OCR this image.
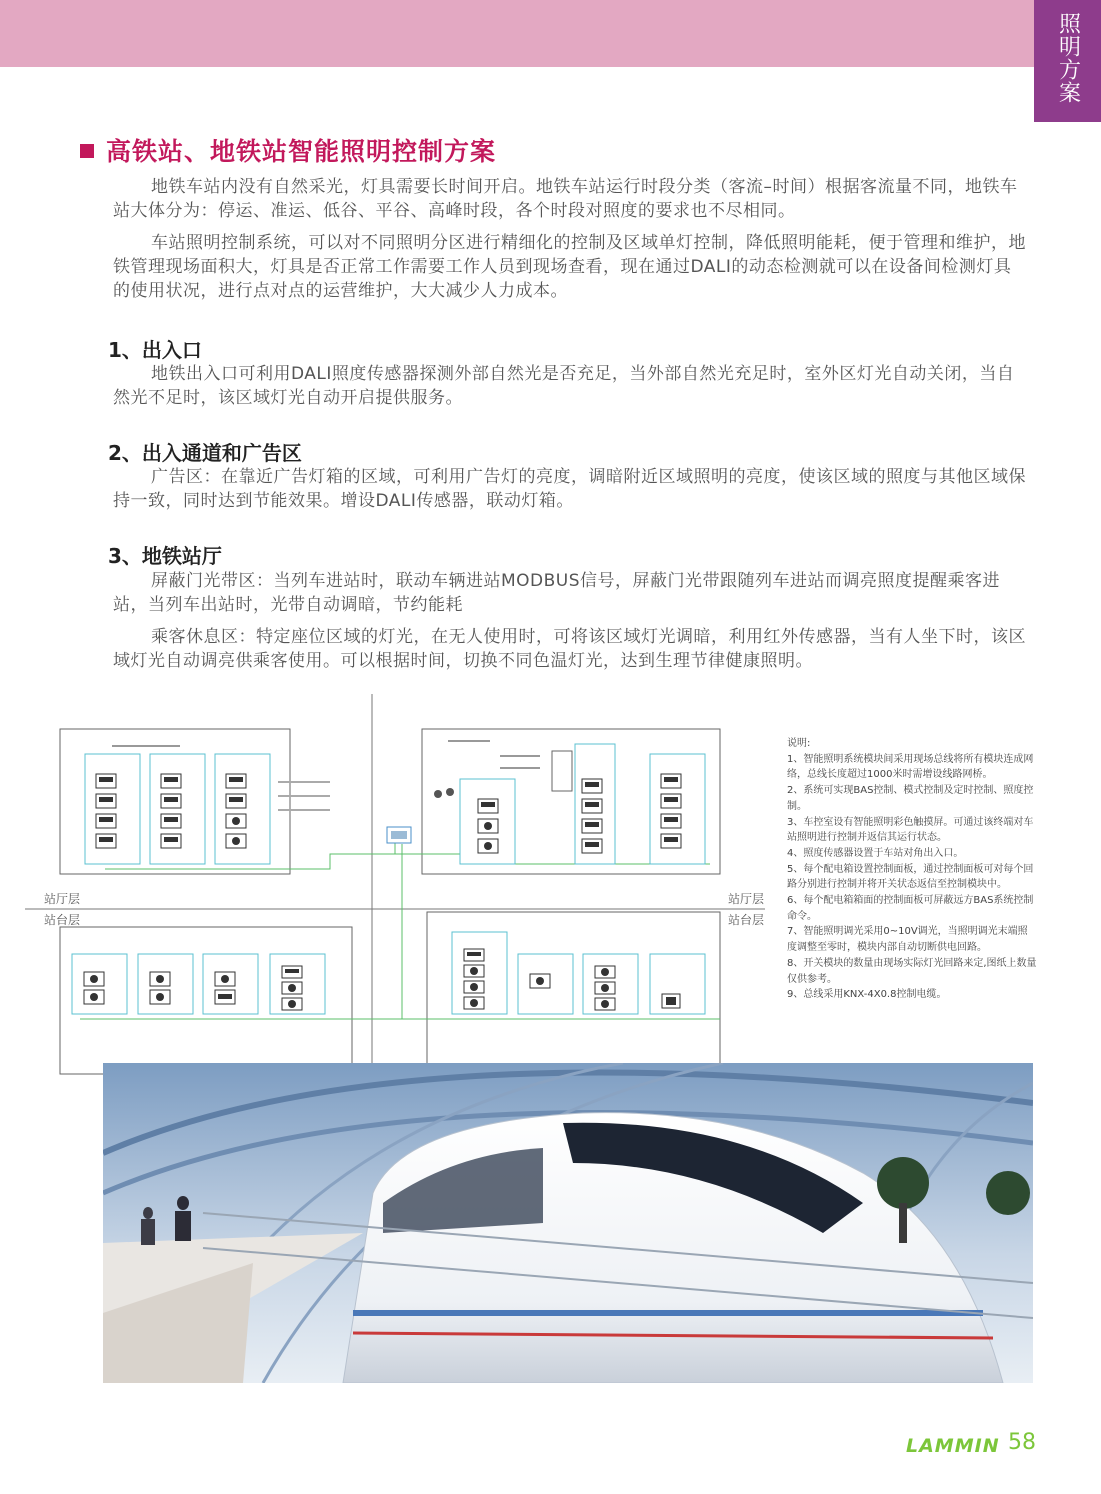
照明方案
高铁站、地铁站智能照明控制方案

地铁车站内没有自然采光，灯具需要长时间开启。地铁车站运行时段分类（客流–时间）根据客流量不同，地铁车站大体分为：停运、准运、低谷、平谷、高峰时段，各个时段对照度的要求也不尽相同。

车站照明控制系统，可以对不同照明分区进行精细化的控制及区域单灯控制，降低照明能耗，便于管理和维护，地铁管理现场面积大，灯具是否正常工作需要工作人员到现场查看，现在通过DALI的动态检测就可以在设备间检测灯具的使用状况，进行点对点的运营维护，大大减少人力成本。

1、出入口

地铁出入口可利用DALI照度传感器探测外部自然光是否充足，当外部自然光充足时，室外区灯光自动关闭，当自然光不足时，该区域灯光自动开启提供服务。

2、出入通道和广告区

广告区：在靠近广告灯箱的区域，可利用广告灯的亮度，调暗附近区域照明的亮度，使该区域的照度与其他区域保持一致，同时达到节能效果。增设DALI传感器，联动灯箱。

3、地铁站厅

屏蔽门光带区：当列车进站时，联动车辆进站MODBUS信号，屏蔽门光带跟随列车进站而调亮照度提醒乘客进站，当列车出站时，光带自动调暗，节约能耗

乘客休息区：特定座位区域的灯光，在无人使用时，可将该区域灯光调暗，利用红外传感器，当有人坐下时，该区域灯光自动调亮供乘客使用。可以根据时间，切换不同色温灯光，达到生理节律健康照明。

站厅层
站台层
站厅层
站台层
说明:
1、智能照明系统模块间采用现场总线将所有模块连成网络，总线长度超过1000米时需增设线路网桥。
2、系统可实现BAS控制、模式控制及定时控制、照度控制。
3、车控室设有智能照明彩色触摸屏。可通过该终端对车站照明进行控制并返信其运行状态。
4、照度传感器设置于车站对角出入口。
5、每个配电箱设置控制面板，通过控制面板可对每个回路分别进行控制并将开关状态返信至控制模块中。
6、每个配电箱箱面的控制面板可屏蔽远方BAS系统控制命令。
7、智能照明调光采用0~10V调光，当照明调光末端照度调整至零时，模块内部自动切断供电回路。
8、开关模块的数量由现场实际灯光回路来定,图纸上数量仅供参考。
9、总线采用KNX-4X0.8控制电缆。
LAMMIN 58
